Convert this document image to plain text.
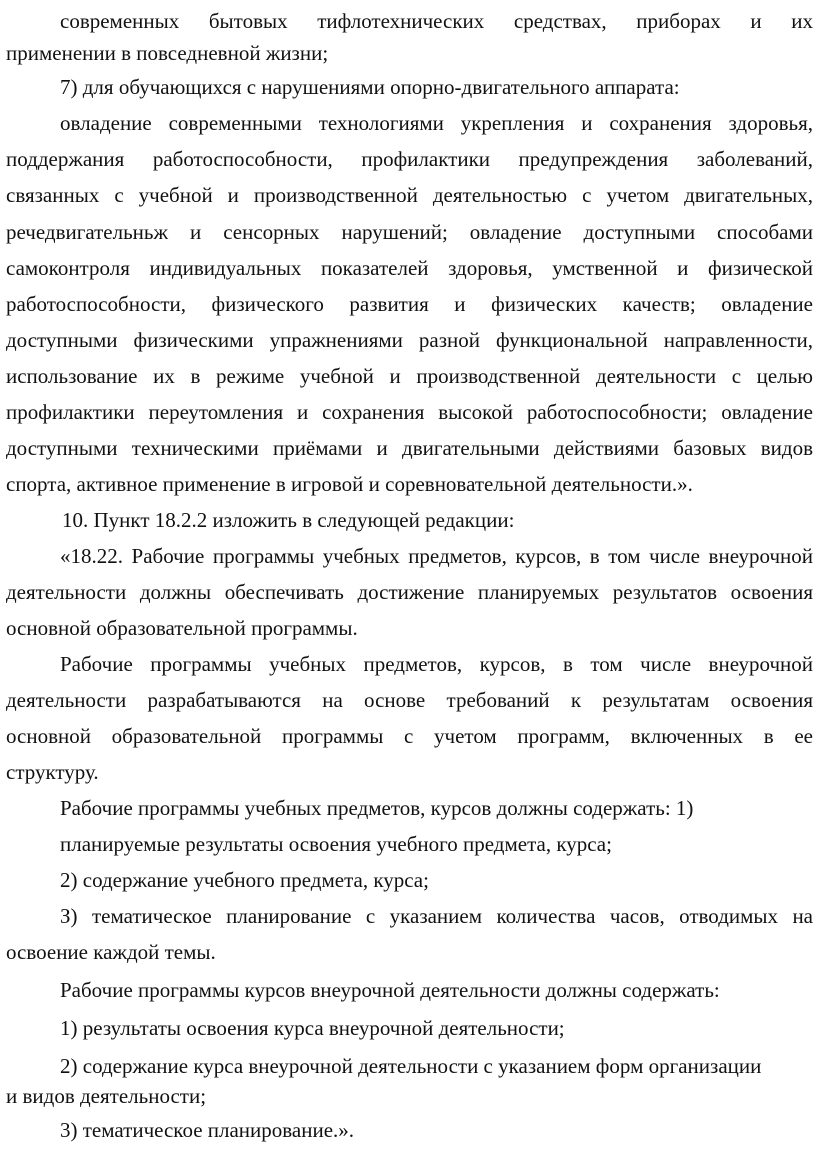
современных бытовых тифлотехнических средствах, приборах и их
применении в повседневной жизни;
7) для обучающихся с нарушениями опорно-двигательного аппарата:
овладение современными технологиями укрепления и сохранения здоровья,
поддержания работоспособности, профилактики предупреждения заболеваний,
связанных с учебной и производственной деятельностью с учетом двигательных,
речедвигательньж и сенсорных нарушений; овладение доступными способами
самоконтроля индивидуальных показателей здоровья, умственной и физической
работоспособности, физического развития и физических качеств; овладение
доступными физическими упражнениями разной функциональной направленности,
использование их в режиме учебной и производственной деятельности с целью
профилактики переутомления и сохранения высокой работоспособности; овладение
доступными техническими приёмами и двигательными действиями базовых видов
спорта, активное применение в игровой и соревновательной деятельности.».
10. Пункт 18.2.2 изложить в следующей редакции:
«18.22. Рабочие программы учебных предметов, курсов, в том числе внеурочной
деятельности должны обеспечивать достижение планируемых результатов освоения
основной образовательной программы.
Рабочие программы учебных предметов, курсов, в том числе внеурочной
деятельности разрабатываются на основе требований к результатам освоения
основной образовательной программы с учетом программ, включенных в ее
структуру.
Рабочие программы учебных предметов, курсов должны содержать: 1)
планируемые результаты освоения учебного предмета, курса;
2) содержание учебного предмета, курса;
З) тематическое планирование с указанием количества часов, отводимых на
освоение каждой темы.
Рабочие программы курсов внеурочной деятельности должны содержать:
1) результаты освоения курса внеурочной деятельности;
2) содержание курса внеурочной деятельности с указанием форм организации
и видов деятельности;
3) тематическое планирование.».
